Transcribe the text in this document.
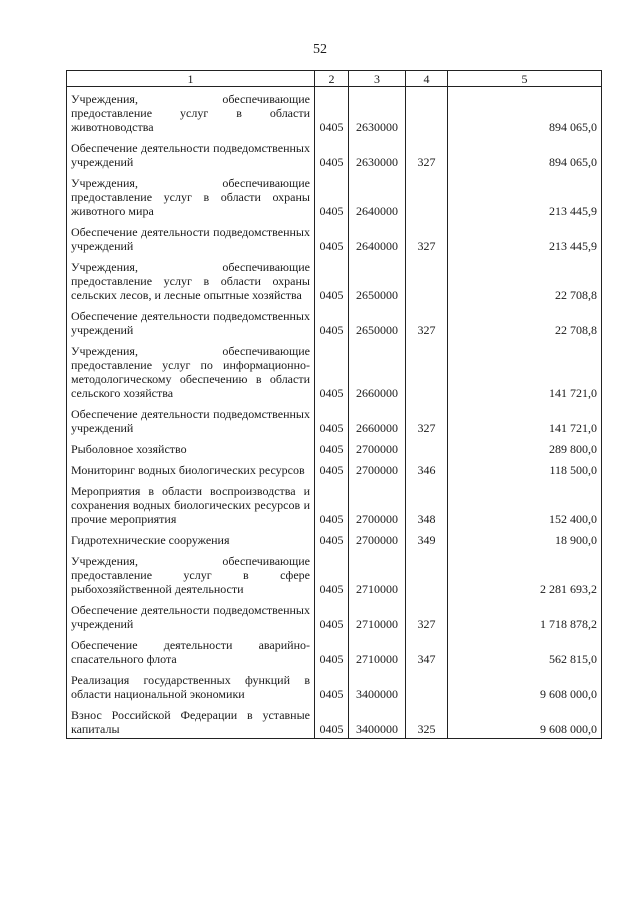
52
1	2	3	4	5
Учреждения, обеспечивающие предоставление услуг в области животноводства	0405	2630000		894 065,0
Обеспечение деятельности подведомственных учреждений	0405	2630000	327	894 065,0
Учреждения, обеспечивающие предоставление услуг в области охраны животного мира	0405	2640000		213 445,9
Обеспечение деятельности подведомственных учреждений	0405	2640000	327	213 445,9
Учреждения, обеспечивающие предоставление услуг в области охраны сельских лесов, и лесные опытные хозяйства	0405	2650000		22 708,8
Обеспечение деятельности подведомственных учреждений	0405	2650000	327	22 708,8
Учреждения, обеспечивающие предоставление услуг по информационно-методологическому обеспечению в области сельского хозяйства	0405	2660000		141 721,0
Обеспечение деятельности подведомственных учреждений	0405	2660000	327	141 721,0
Рыболовное хозяйство	0405	2700000		289 800,0
Мониторинг водных биологических ресурсов	0405	2700000	346	118 500,0
Мероприятия в области воспроизводства и сохранения водных биологических ресурсов и прочие мероприятия	0405	2700000	348	152 400,0
Гидротехнические сооружения	0405	2700000	349	18 900,0
Учреждения, обеспечивающие предоставление услуг в сфере рыбохозяйственной деятельности	0405	2710000		2 281 693,2
Обеспечение деятельности подведомственных учреждений	0405	2710000	327	1 718 878,2
Обеспечение деятельности аварийно-спасательного флота	0405	2710000	347	562 815,0
Реализация государственных функций в области национальной экономики	0405	3400000		9 608 000,0
Взнос Российской Федерации в уставные капиталы	0405	3400000	325	9 608 000,0
